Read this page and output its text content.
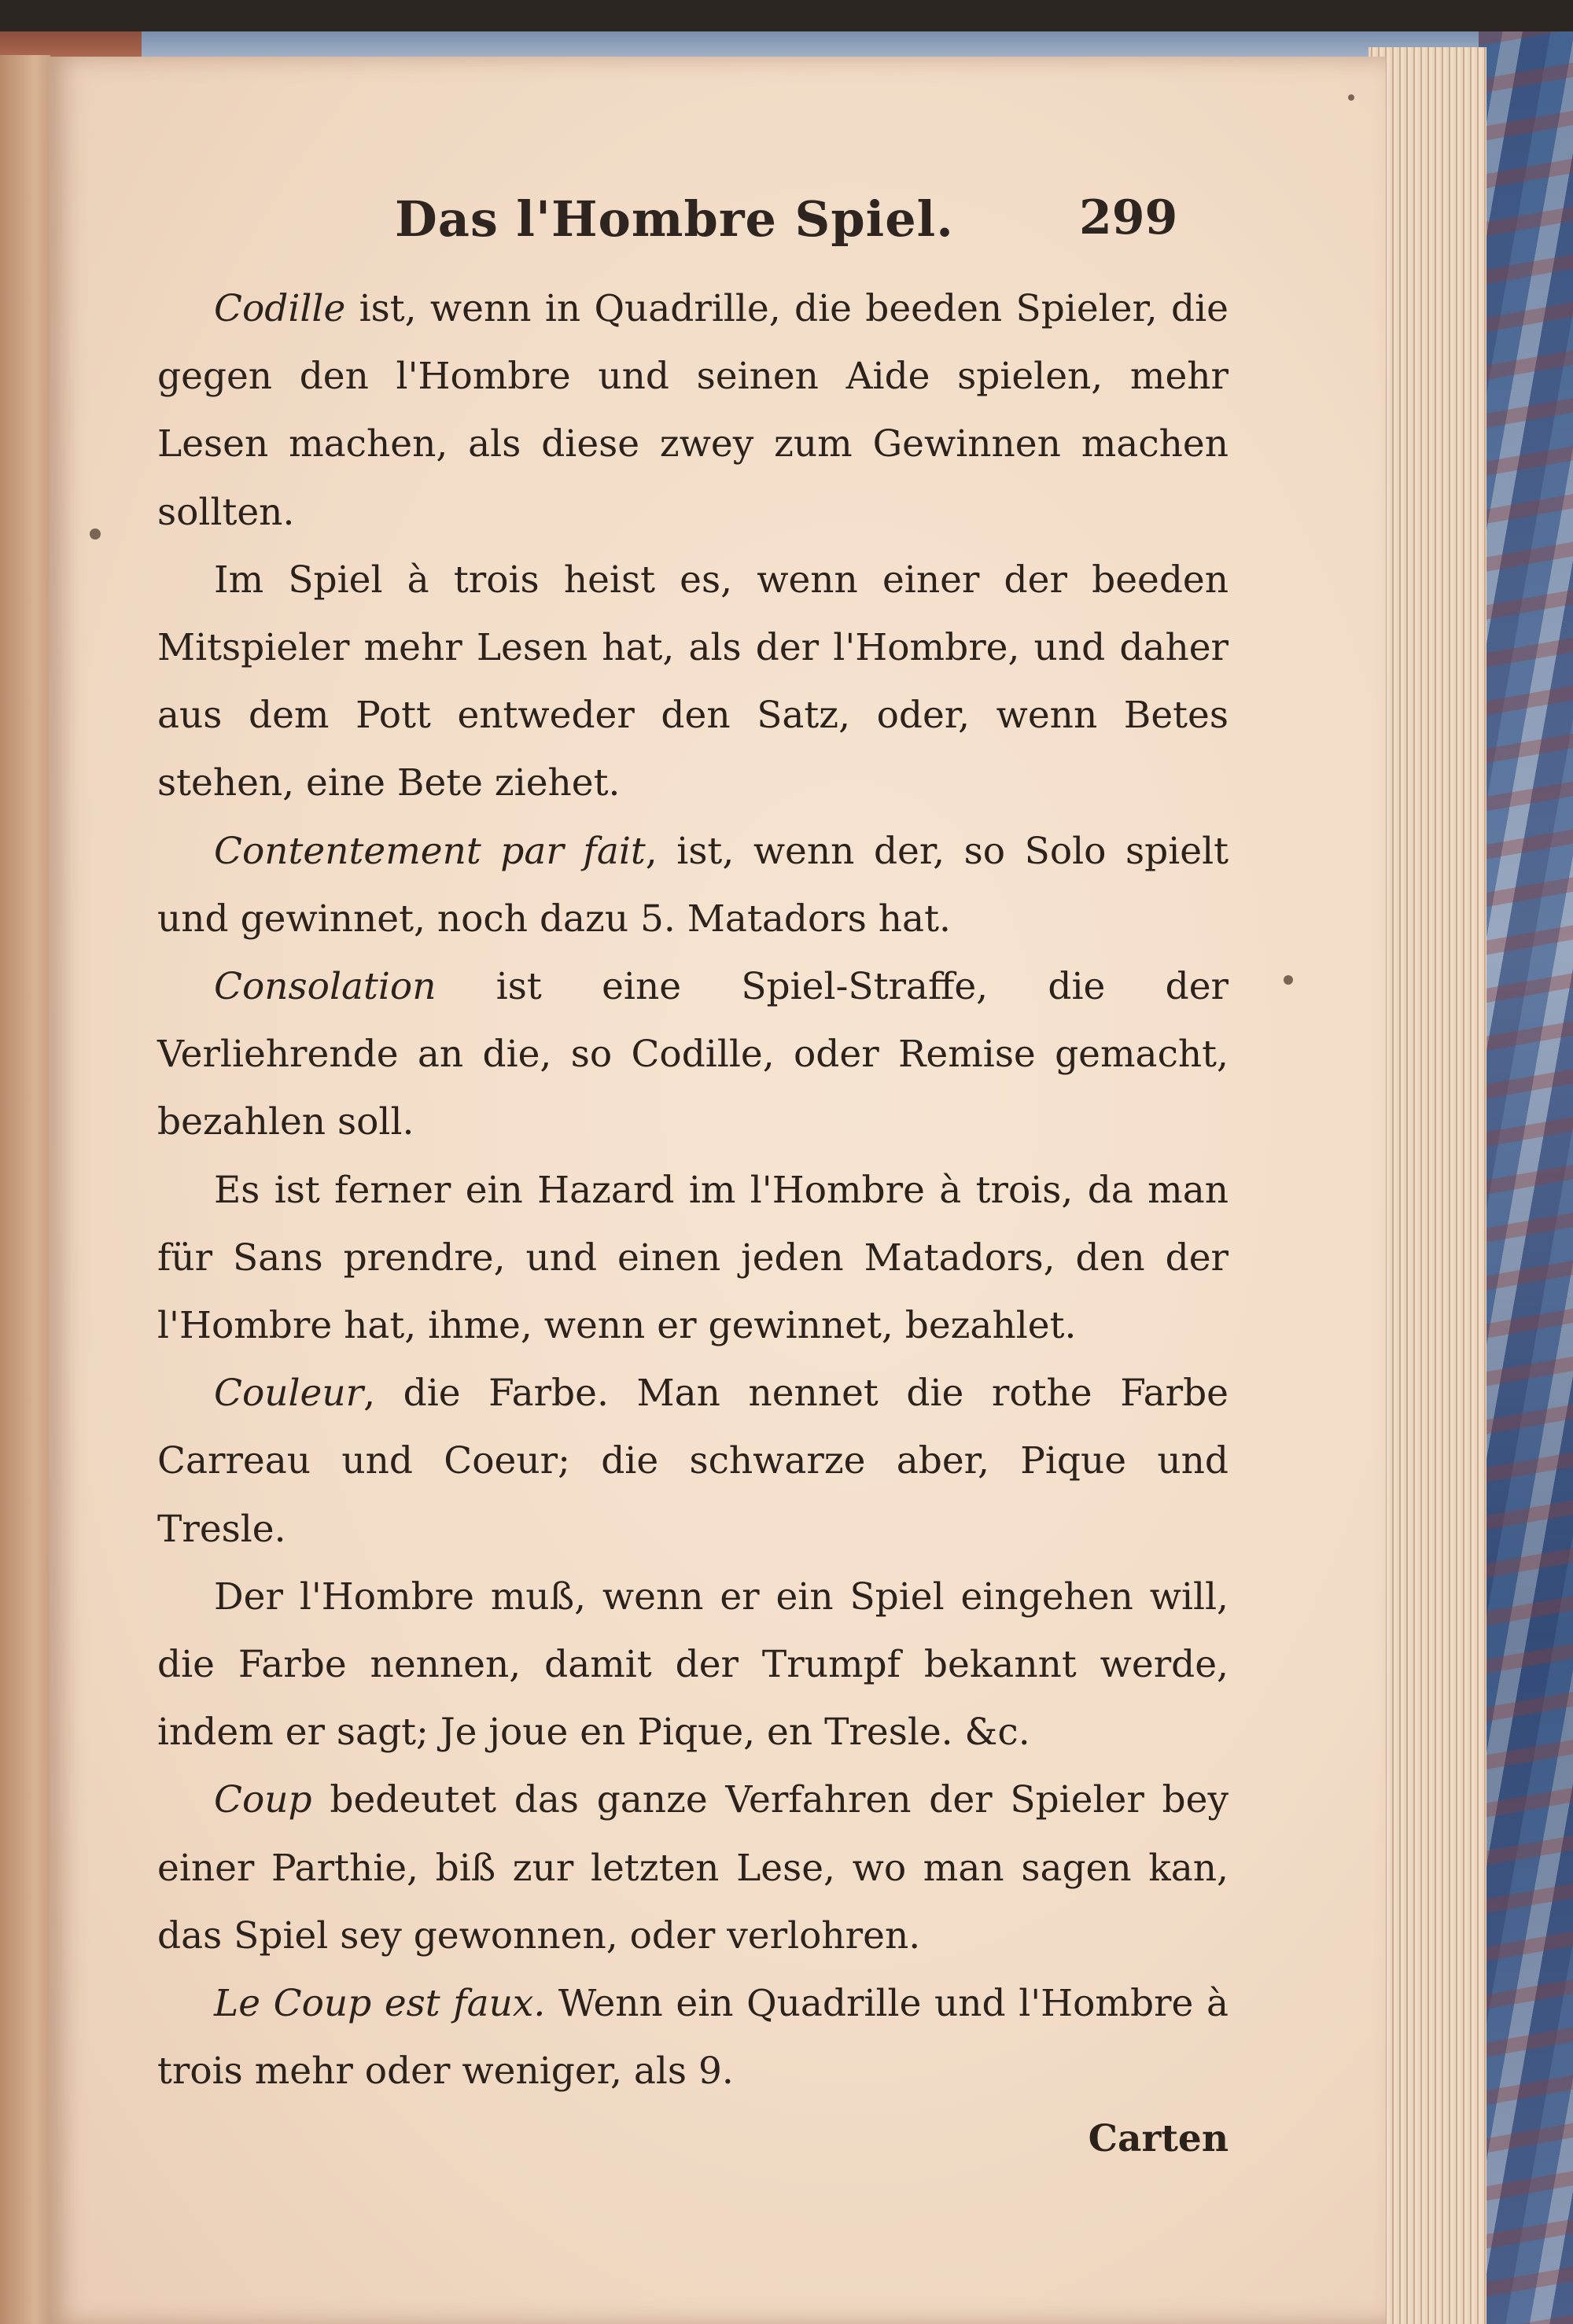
Das l'Hombre Spiel.	299

Codille ist, wenn in Quadrille, die beeden Spieler, die gegen den l'Hombre und seinen Aide spielen, mehr Lesen machen, als diese zwey zum Gewinnen machen sollten.

Im Spiel à trois heist es, wenn einer der beeden Mitspieler mehr Lesen hat, als der l'Hombre, und daher aus dem Pott entweder den Satz, oder, wenn Betes stehen, eine Bete ziehet.

Contentement par fait, ist, wenn der, so Solo spielt und gewinnet, noch dazu 5. Matadors hat.

Consolation ist eine Spiel-Straffe, die der Verliehrende an die, so Codille, oder Remise gemacht, bezahlen soll.

Es ist ferner ein Hazard im l'Hombre à trois, da man für Sans prendre, und einen jeden Matadors, den der l'Hombre hat, ihme, wenn er gewinnet, bezahlet.

Couleur, die Farbe. Man nennet die rothe Farbe Carreau und Coeur; die schwarze aber, Pique und Tresle.

Der l'Hombre muß, wenn er ein Spiel eingehen will, die Farbe nennen, damit der Trumpf bekannt werde, indem er sagt; Je joue en Pique, en Tresle. &c.

Coup bedeutet das ganze Verfahren der Spieler bey einer Parthie, biß zur letzten Lese, wo man sagen kan, das Spiel sey gewonnen, oder verlohren.

Le Coup est faux. Wenn ein Quadrille und l'Hombre à trois mehr oder weniger, als 9.

Carten
